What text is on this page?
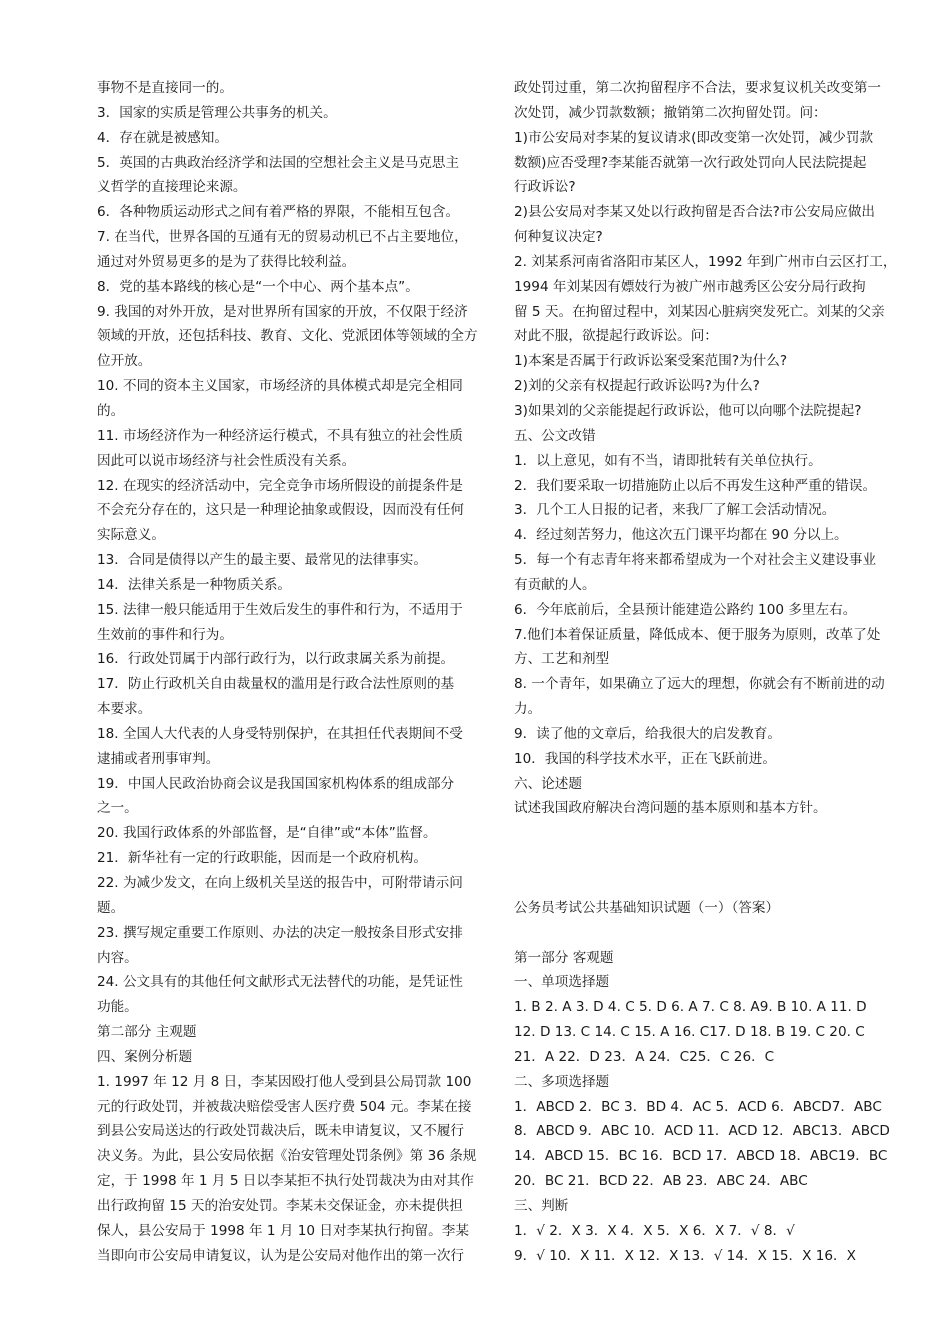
事物不是直接同一的。
3．国家的实质是管理公共事务的机关。
4．存在就是被感知。
5．英国的古典政治经济学和法国的空想社会主义是马克思主
义哲学的直接理论来源。
6．各种物质运动形式之间有着严格的界限，不能相互包含。
7. 在当代，世界各国的互通有无的贸易动机已不占主要地位，
通过对外贸易更多的是为了获得比较利益。
8．党的基本路线的核心是“一个中心、两个基本点”。
9. 我国的对外开放，是对世界所有国家的开放，不仅限于经济
领域的开放，还包括科技、教育、文化、党派团体等领域的全方
位开放。
10. 不同的资本主义国家，市场经济的具体模式却是完全相同
的。
11. 市场经济作为一种经济运行模式，不具有独立的社会性质
因此可以说市场经济与社会性质没有关系。
12. 在现实的经济活动中，完全竞争市场所假设的前提条件是
不会充分存在的，这只是一种理论抽象或假设，因而没有任何
实际意义。
13．合同是债得以产生的最主要、最常见的法律事实。
14．法律关系是一种物质关系。
15. 法律一般只能适用于生效后发生的事件和行为，不适用于
生效前的事件和行为。
16．行政处罚属于内部行政行为，以行政隶属关系为前提。
17．防止行政机关自由裁量权的滥用是行政合法性原则的基
本要求。
18. 全国人大代表的人身受特别保护，在其担任代表期间不受
逮捕或者刑事审判。
19．中国人民政治协商会议是我国国家机构体系的组成部分
之一。
20. 我国行政体系的外部监督，是“自律”或“本体”监督。
21．新华社有一定的行政职能，因而是一个政府机构。
22. 为减少发文，在向上级机关呈送的报告中，可附带请示问
题。
23. 撰写规定重要工作原则、办法的决定一般按条目形式安排
内容。
24. 公文具有的其他任何文献形式无法替代的功能，是凭证性
功能。
第二部分 主观题
四、案例分析题
1. 1997 年 12 月 8 日，李某因殴打他人受到县公局罚款 100
元的行政处罚，并被裁决赔偿受害人医疗费 504 元。李某在接
到县公安局送达的行政处罚裁决后，既未申请复议，又不履行
决义务。为此，县公安局依据《治安管理处罚条例》第 36 条规
定，于 1998 年 1 月 5 日以李某拒不执行处罚裁决为由对其作
出行政拘留 15 天的治安处罚。李某未交保证金，亦未提供担
保人，县公安局于 1998 年 1 月 10 日对李某执行拘留。李某
当即向市公安局申请复议，认为是公安局对他作出的第一次行
政处罚过重，第二次拘留程序不合法，要求复议机关改变第一
次处罚，减少罚款数额；撤销第二次拘留处罚。问：
1)市公安局对李某的复议请求(即改变第一次处罚，减少罚款
数额)应否受理?李某能否就第一次行政处罚向人民法院提起
行政诉讼?
2)县公安局对李某又处以行政拘留是否合法?市公安局应做出
何种复议决定?
2. 刘某系河南省洛阳市某区人，1992 年到广州市白云区打工，
1994 年刘某因有嫖妓行为被广州市越秀区公安分局行政拘
留 5 天。在拘留过程中，刘某因心脏病突发死亡。刘某的父亲
对此不服，欲提起行政诉讼。问：
1)本案是否属于行政诉讼案受案范围?为什么?
2)刘的父亲有权提起行政诉讼吗?为什么?
3)如果刘的父亲能提起行政诉讼，他可以向哪个法院提起?
五、公文改错
1．以上意见，如有不当，请即批转有关单位执行。
2．我们要采取一切措施防止以后不再发生这种严重的错误。
3．几个工人日报的记者，来我厂了解工会活动情况。
4．经过刻苦努力，他这次五门课平均都在 90 分以上。
5．每一个有志青年将来都希望成为一个对社会主义建设事业
有贡献的人。
6．今年底前后，全县预计能建造公路约 100 多里左右。
7.他们本着保证质量，降低成本、便于服务为原则，改革了处
方、工艺和剂型
8. 一个青年，如果确立了远大的理想，你就会有不断前进的动
力。
9．读了他的文章后，给我很大的启发教育。
10．我国的科学技术水平，正在飞跃前进。
六、论述题
试述我国政府解决台湾问题的基本原则和基本方针。
公务员考试公共基础知识试题（一）（答案）
第一部分 客观题
一、单项选择题
1. B 2. A 3. D 4. C 5. D 6. A 7. C 8. A9. B 10. A 11. D
12. D 13. C 14. C 15. A 16. C17. D 18. B 19. C 20. C
21．A 22．D 23．A 24．C25．C 26．C
二、多项选择题
1．ABCD 2．BC 3．BD 4．AC 5．ACD 6．ABCD7．ABC
8．ABCD 9．ABC 10．ACD 11．ACD 12．ABC13．ABCD
14．ABCD 15．BC 16．BCD 17．ABCD 18．ABC19．BC
20．BC 21．BCD 22．AB 23．ABC 24．ABC
三、判断
1．√ 2．X 3．X 4．X 5．X 6．X 7．√ 8．√
9．√ 10．X 11．X 12．X 13．√ 14．X 15．X 16．X
